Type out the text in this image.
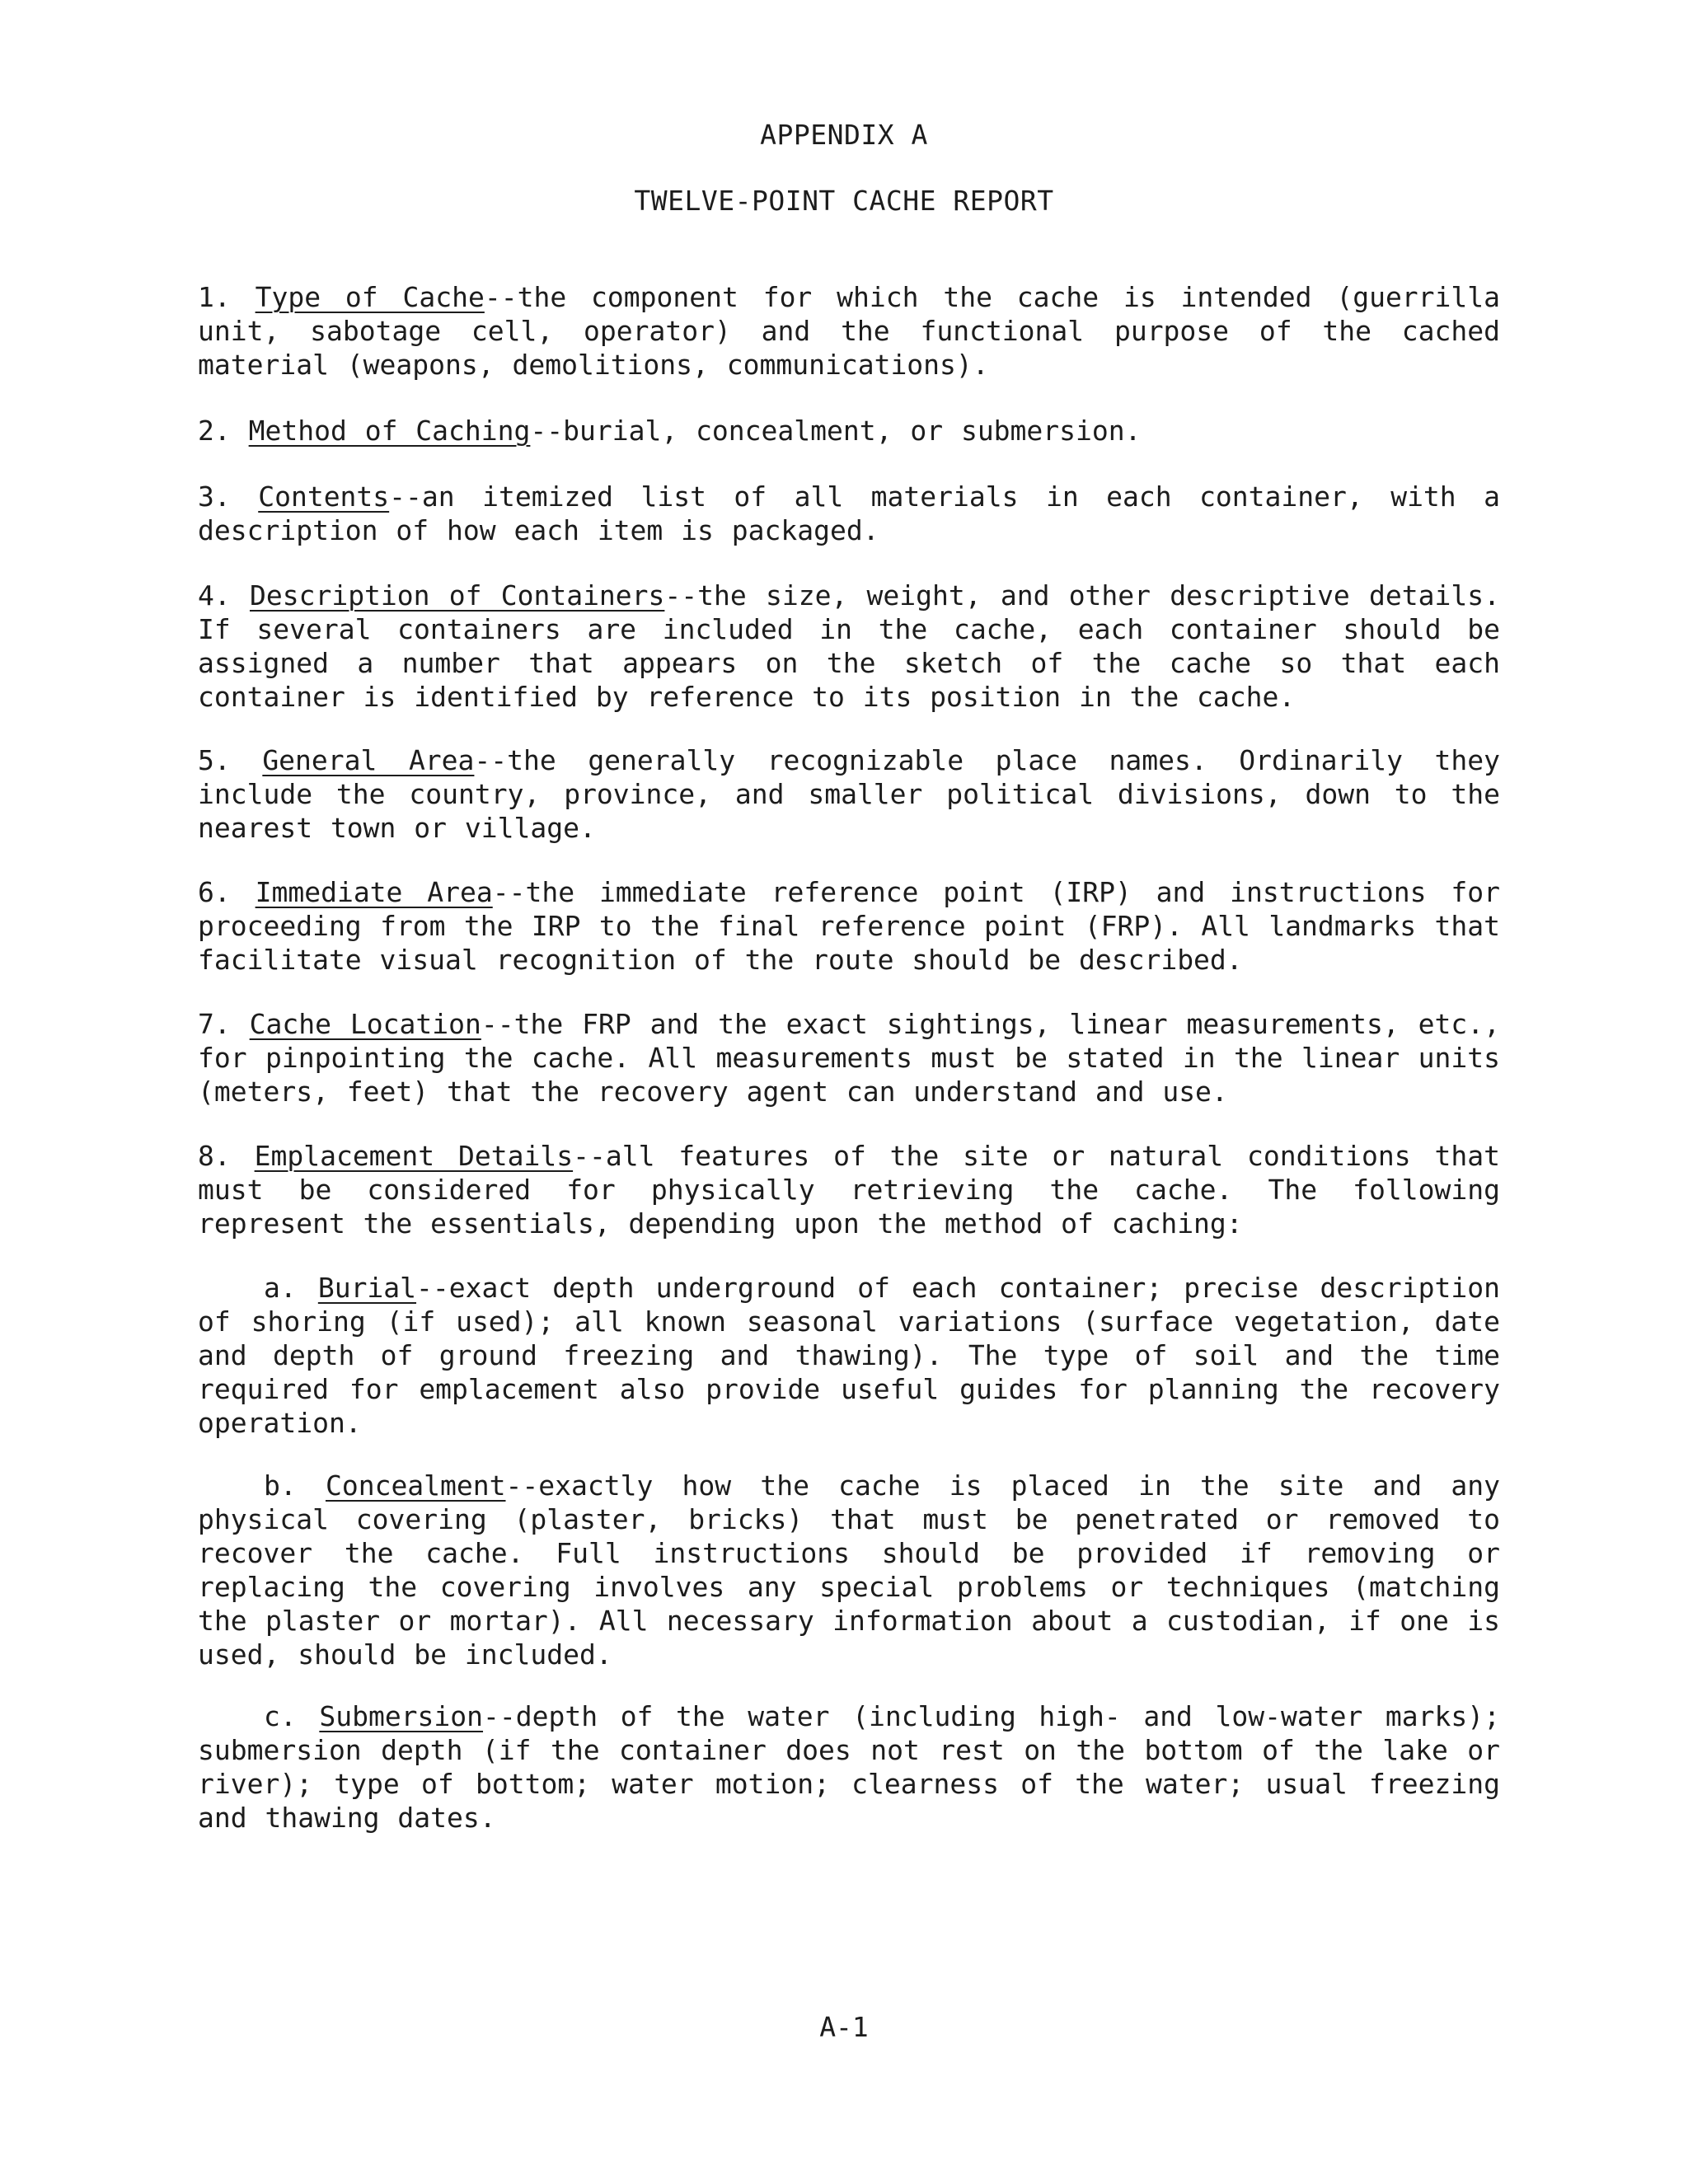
APPENDIX A
TWELVE-POINT CACHE REPORT
1. Type of Cache--the component for which the cache is intended (guerrilla unit, sabotage cell, operator) and the functional purpose of the cached material (weapons, demolitions, communications).
2. Method of Caching--burial, concealment, or submersion.
3. Contents--an itemized list of all materials in each container, with a description of how each item is packaged.
4. Description of Containers--the size, weight, and other descriptive details. If several containers are included in the cache, each container should be assigned a number that appears on the sketch of the cache so that each container is identified by reference to its position in the cache.
5. General Area--the generally recognizable place names. Ordinarily they include the country, province, and smaller political divisions, down to the nearest town or village.
6. Immediate Area--the immediate reference point (IRP) and instructions for proceeding from the IRP to the final reference point (FRP). All landmarks that facilitate visual recognition of the route should be described.
7. Cache Location--the FRP and the exact sightings, linear measurements, etc., for pinpointing the cache. All measurements must be stated in the linear units (meters, feet) that the recovery agent can understand and use.
8. Emplacement Details--all features of the site or natural conditions that must be considered for physically retrieving the cache. The following represent the essentials, depending upon the method of caching:
a. Burial--exact depth underground of each container; precise description of shoring (if used); all known seasonal variations (surface vegetation, date and depth of ground freezing and thawing). The type of soil and the time required for emplacement also provide useful guides for planning the recovery operation.
b. Concealment--exactly how the cache is placed in the site and any physical covering (plaster, bricks) that must be penetrated or removed to recover the cache. Full instructions should be provided if removing or replacing the covering involves any special problems or techniques (matching the plaster or mortar). All necessary information about a custodian, if one is used, should be included.
c. Submersion--depth of the water (including high- and low-water marks); submersion depth (if the container does not rest on the bottom of the lake or river); type of bottom; water motion; clearness of the water; usual freezing and thawing dates.
A-1
